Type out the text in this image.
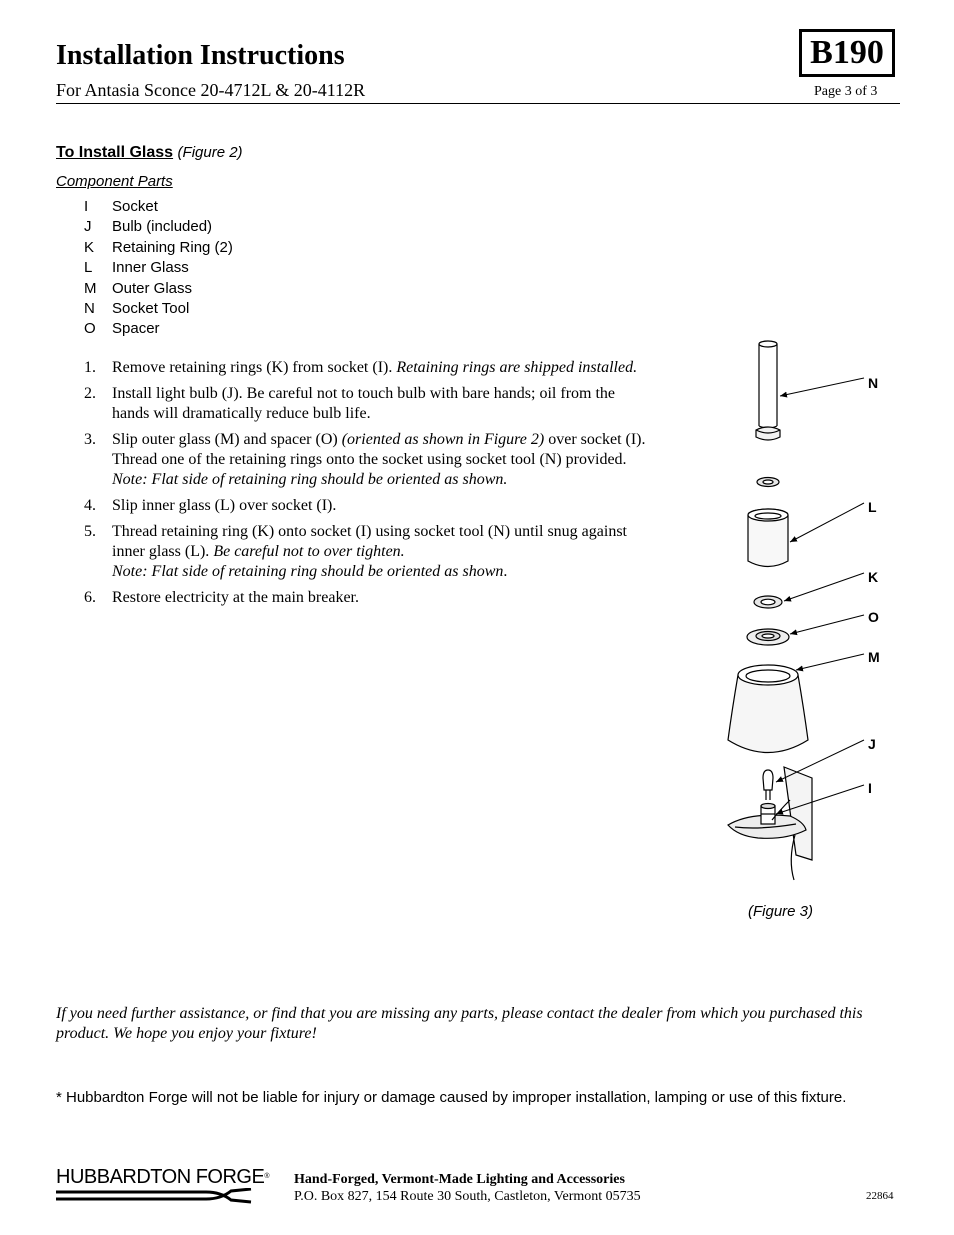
Installation Instructions
For Antasia Sconce 20-4712L & 20-4112R
B190
Page 3 of 3
To Install Glass (Figure 2)
Component Parts
I	Socket
J	Bulb (included)
K	Retaining Ring (2)
L	Inner Glass
M	Outer Glass
N	Socket Tool
O	Spacer
1.	Remove retaining rings (K) from socket (I). Retaining rings are shipped installed.
2.	Install light bulb (J). Be careful not to touch bulb with bare hands; oil from the hands will dramatically reduce bulb life.
3.	Slip outer glass (M) and spacer (O) (oriented as shown in Figure 2) over socket (I). Thread one of the retaining rings onto the socket using socket tool (N) provided. Note: Flat side of retaining ring should be oriented as shown.
4.	Slip inner glass (L) over socket (I).
5.	Thread retaining ring (K) onto socket (I) using socket tool (N) until snug against inner glass (L). Be careful not to over tighten.
Note: Flat side of retaining ring should be oriented as shown.
6.	Restore electricity at the main breaker.
N
L
K
O
M
J
I
(Figure 3)
If you need further assistance, or find that you are missing any parts, please contact the dealer from which you purchased this product. We hope you enjoy your fixture!
* Hubbardton Forge will not be liable for injury or damage caused by improper installation, lamping or use of this fixture.
HUBBARDTON FORGE® Hand-Forged, Vermont-Made Lighting and Accessories
P.O. Box 827, 154 Route 30 South, Castleton, Vermont 05735	22864
